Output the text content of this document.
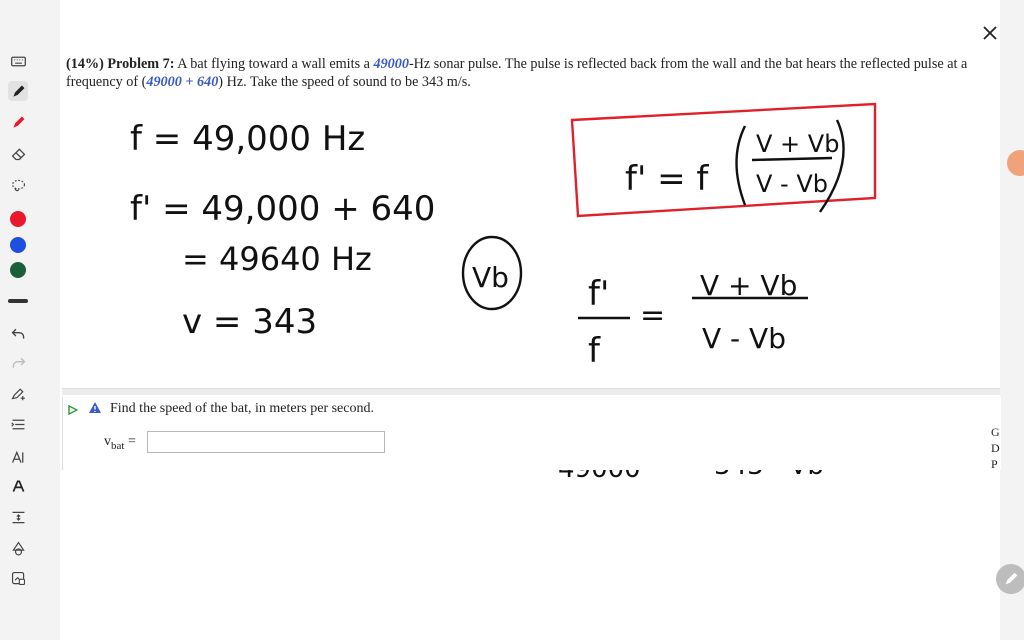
(14%) Problem 7: A bat flying toward a wall emits a 49000-Hz sonar pulse. The pulse is reflected back from the wall and the bat hears the reflected pulse at a frequency of (49000 + 640) Hz. Take the speed of sound to be 343 m/s.
f = 49,000 Hz
f' = 49,000 + 640
= 49640 Hz
v = 343
Vb
f' = f
V + Vb
V - Vb
f'
f
=
V + Vb
V - Vb
Find the speed of the bat, in meters per second.
$v_{bat}$ =
G
D
P
